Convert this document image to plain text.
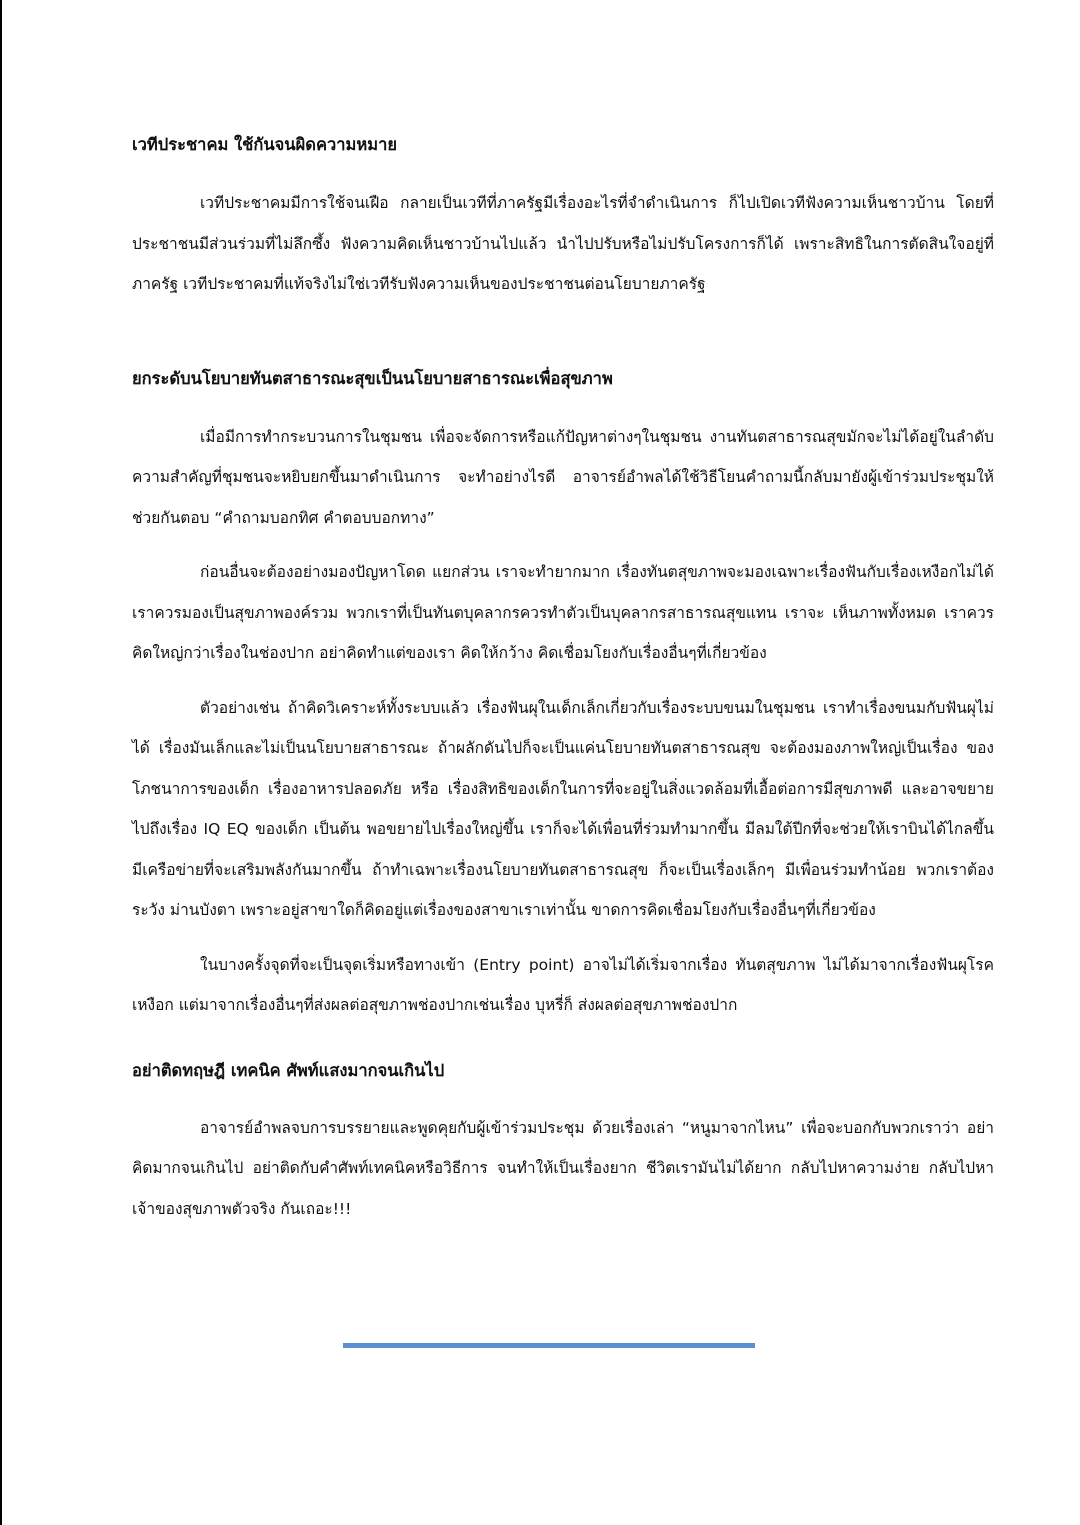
เวทีประชาคม ใช้กันจนผิดความหมาย

เวทีประชาคมมีการใช้จนเฝือ กลายเป็นเวทีที่ภาครัฐมีเรื่องอะไรที่จำดำเนินการ ก็ไปเปิดเวทีฟังความเห็นชาวบ้าน โดยที่ประชาชนมีส่วนร่วมที่ไม่ลึกซึ้ง ฟังความคิดเห็นชาวบ้านไปแล้ว นำไปปรับหรือไม่ปรับโครงการก็ได้ เพราะสิทธิในการตัดสินใจอยู่ที่ภาครัฐ เวทีประชาคมที่แท้จริงไม่ใช่เวทีรับฟังความเห็นของประชาชนต่อนโยบายภาครัฐ

ยกระดับนโยบายทันตสาธารณะสุขเป็นนโยบายสาธารณะเพื่อสุขภาพ

เมื่อมีการทำกระบวนการในชุมชน เพื่อจะจัดการหรือแก้ปัญหาต่างๆในชุมชน งานทันตสาธารณสุขมักจะไม่ได้อยู่ในลำดับความสำคัญที่ชุมชนจะหยิบยกขึ้นมาดำเนินการ จะทำอย่างไรดี อาจารย์อำพลได้ใช้วิธีโยนคำถามนี้กลับมายังผู้เข้าร่วมประชุมให้ช่วยกันตอบ “คำถามบอกทิศ คำตอบบอกทาง”

ก่อนอื่นจะต้องอย่างมองปัญหาโดด แยกส่วน เราจะทำยากมาก เรื่องทันตสุขภาพจะมองเฉพาะเรื่องฟันกับเรื่องเหงือกไม่ได้ เราควรมองเป็นสุขภาพองค์รวม พวกเราที่เป็นทันตบุคลากรควรทำตัวเป็นบุคลากรสาธารณสุขแทน เราจะ เห็นภาพทั้งหมด เราควรคิดใหญ่กว่าเรื่องในช่องปาก อย่าคิดทำแต่ของเรา คิดให้กว้าง คิดเชื่อมโยงกับเรื่องอื่นๆที่เกี่ยวข้อง

ตัวอย่างเช่น ถ้าคิดวิเคราะห์ทั้งระบบแล้ว เรื่องฟันผุในเด็กเล็กเกี่ยวกับเรื่องระบบขนมในชุมชน เราทำเรื่องขนมกับฟันผุไม่ได้ เรื่องมันเล็กและไม่เป็นนโยบายสาธารณะ ถ้าผลักดันไปก็จะเป็นแค่นโยบายทันตสาธารณสุข จะต้องมองภาพใหญ่เป็นเรื่อง ของโภชนาการของเด็ก เรื่องอาหารปลอดภัย หรือ เรื่องสิทธิของเด็กในการที่จะอยู่ในสิ่งแวดล้อมที่เอื้อต่อการมีสุขภาพดี และอาจขยายไปถึงเรื่อง IQ EQ ของเด็ก เป็นต้น พอขยายไปเรื่องใหญ่ขึ้น เราก็จะได้เพื่อนที่ร่วมทำมากขึ้น มีลมใต้ปีกที่จะช่วยให้เราบินได้ไกลขึ้น มีเครือข่ายที่จะเสริมพลังกันมากขึ้น ถ้าทำเฉพาะเรื่องนโยบายทันตสาธารณสุข ก็จะเป็นเรื่องเล็กๆ มีเพื่อนร่วมทำน้อย พวกเราต้องระวัง ม่านบังตา เพราะอยู่สาขาใดก็คิดอยู่แต่เรื่องของสาขาเราเท่านั้น ขาดการคิดเชื่อมโยงกับเรื่องอื่นๆที่เกี่ยวข้อง

ในบางครั้งจุดที่จะเป็นจุดเริ่มหรือทางเข้า (Entry point) อาจไม่ได้เริ่มจากเรื่อง ทันตสุขภาพ ไม่ได้มาจากเรื่องฟันผุโรคเหงือก แต่มาจากเรื่องอื่นๆที่ส่งผลต่อสุขภาพช่องปากเช่นเรื่อง บุหรี่ก็ ส่งผลต่อสุขภาพช่องปาก

อย่าติดทฤษฎี เทคนิค ศัพท์แสงมากจนเกินไป

อาจารย์อำพลจบการบรรยายและพูดคุยกับผู้เข้าร่วมประชุม ด้วยเรื่องเล่า “หนูมาจากไหน” เพื่อจะบอกกับพวกเราว่า อย่าคิดมากจนเกินไป อย่าติดกับคำศัพท์เทคนิคหรือวิธีการ จนทำให้เป็นเรื่องยาก ชีวิตเรามันไม่ได้ยาก กลับไปหาความง่าย กลับไปหาเจ้าของสุขภาพตัวจริง กันเถอะ!!!
